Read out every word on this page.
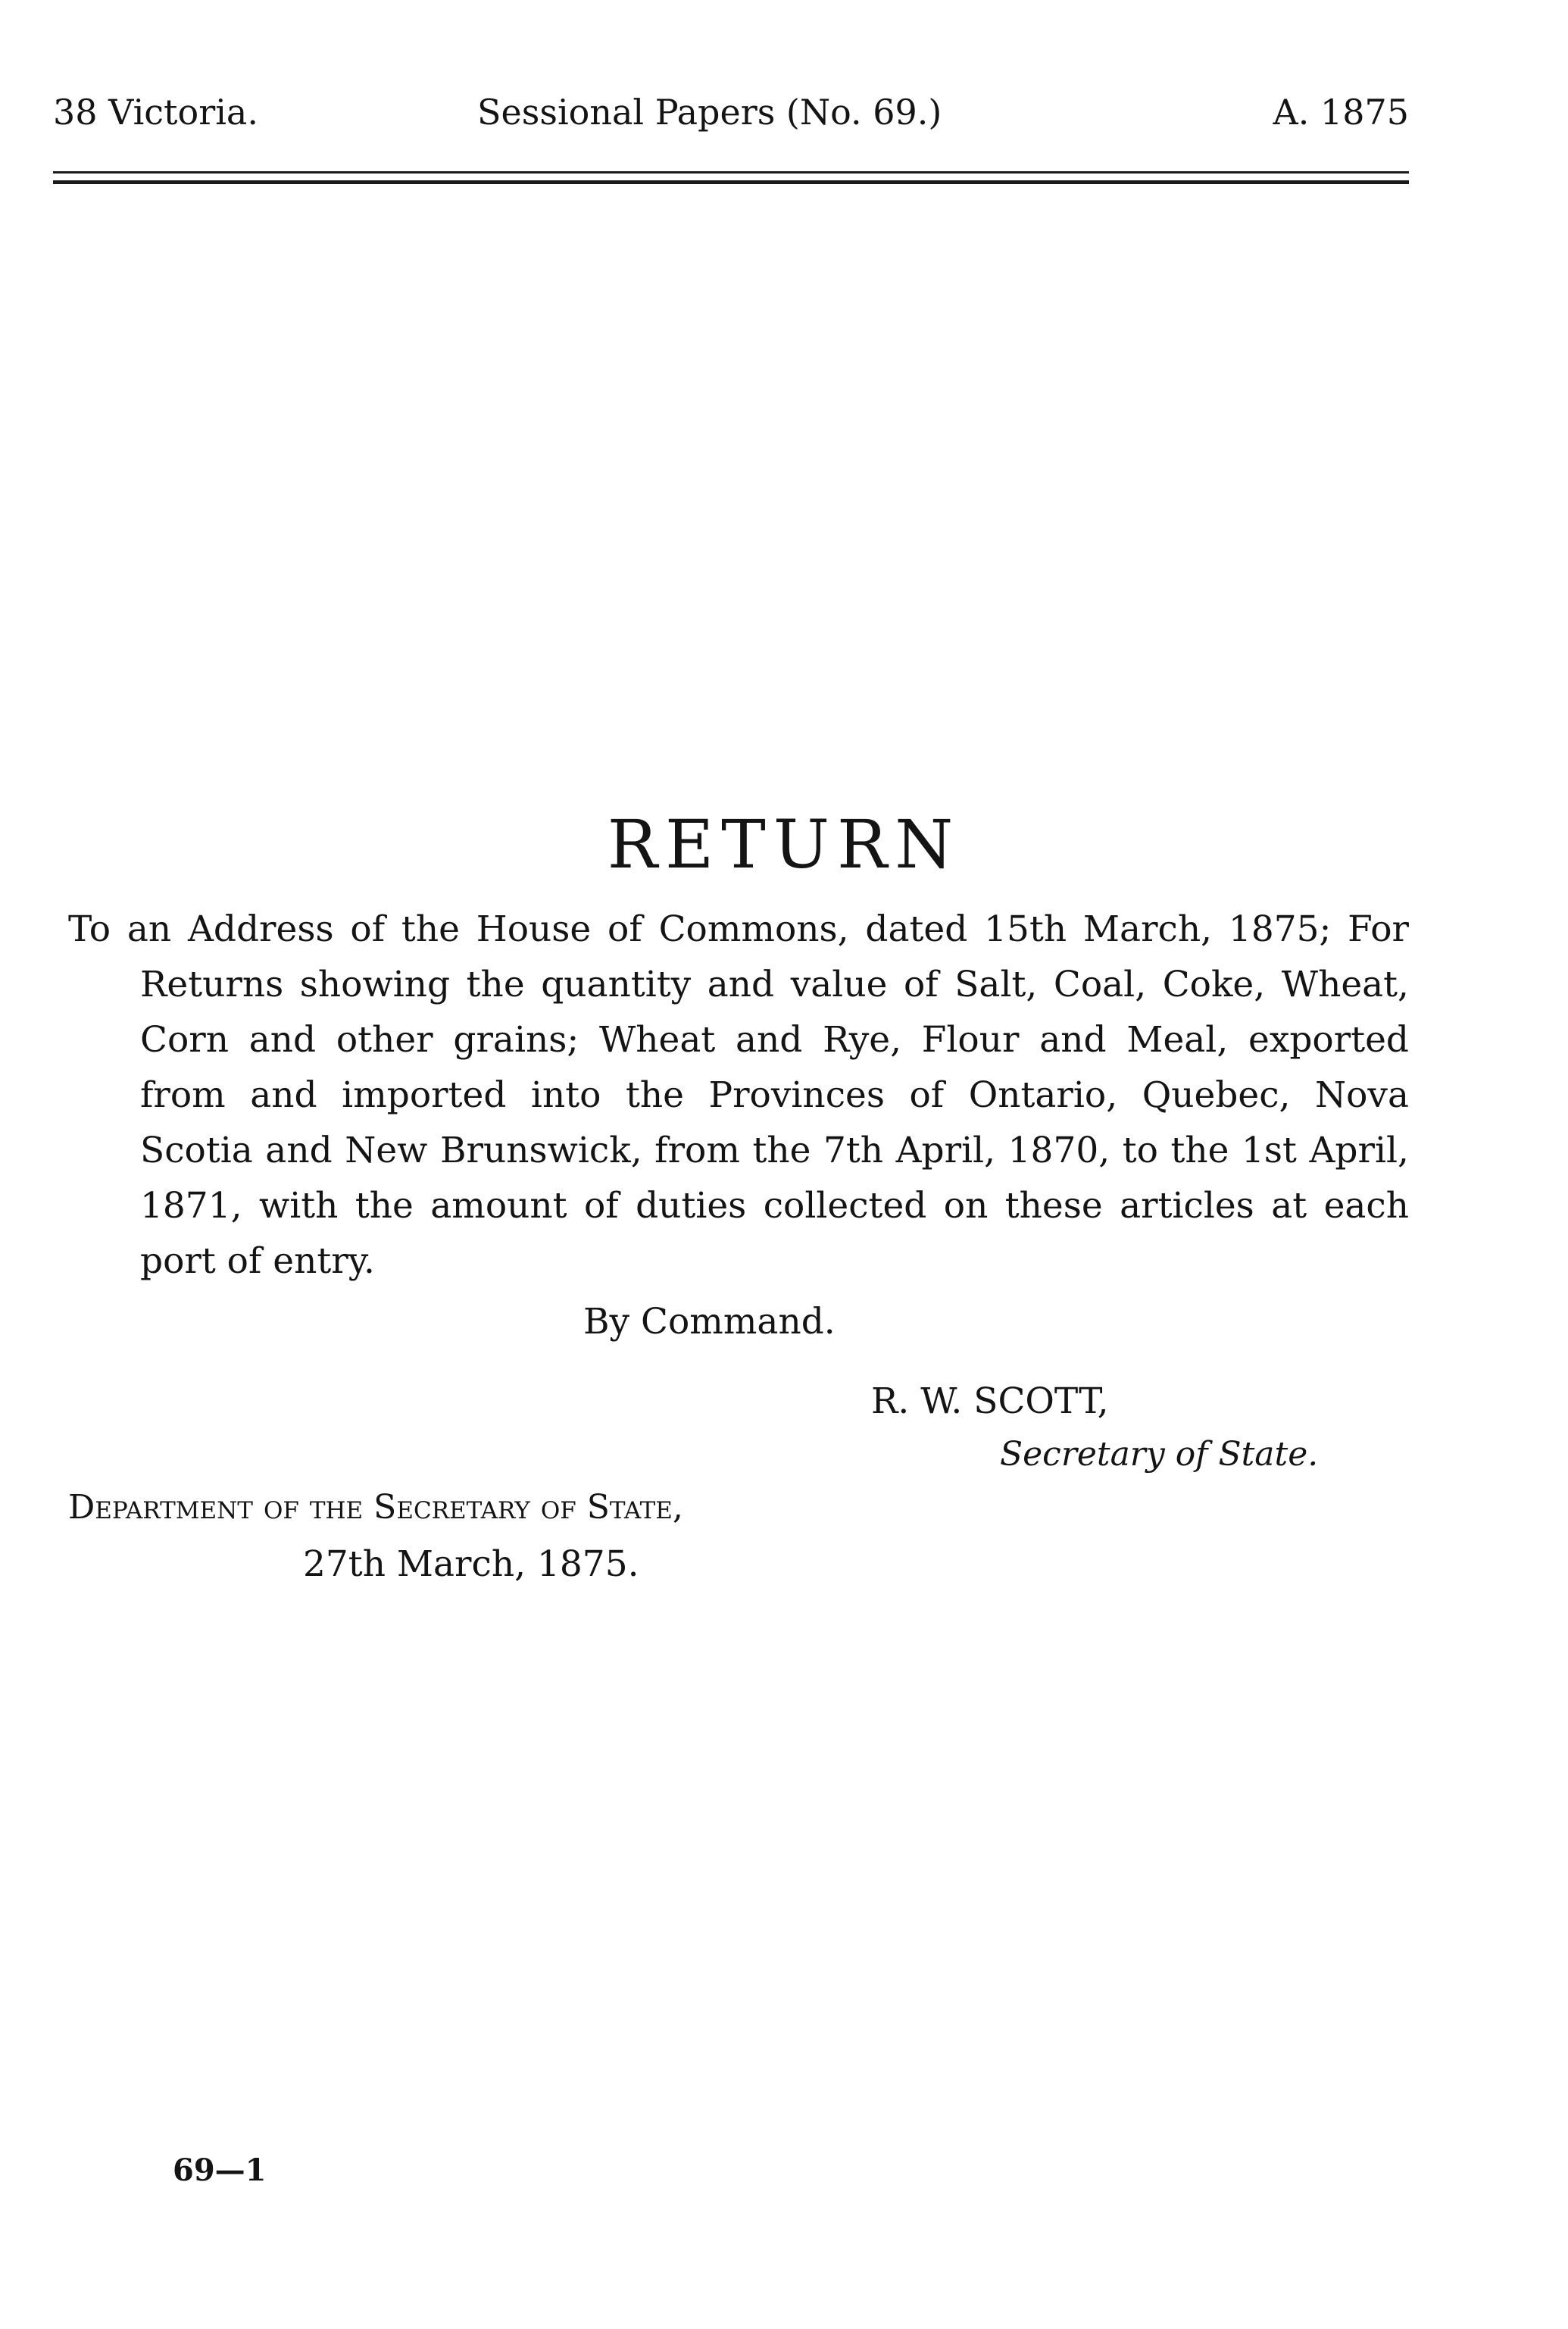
38 Victoria.	Sessional Papers (No. 69.)	A. 1875
RETURN

To an Address of the House of Commons, dated 15th March, 1875; For Returns showing the quantity and value of Salt, Coal, Coke, Wheat, Corn and other grains; Wheat and Rye, Flour and Meal, exported from and imported into the Provinces of Ontario, Quebec, Nova Scotia and New Brunswick, from the 7th April, 1870, to the 1st April, 1871, with the amount of duties collected on these articles at each port of entry.

By Command.
R. W. SCOTT,
Secretary of State.
Department of the Secretary of State,
27th March, 1875.
69—1
